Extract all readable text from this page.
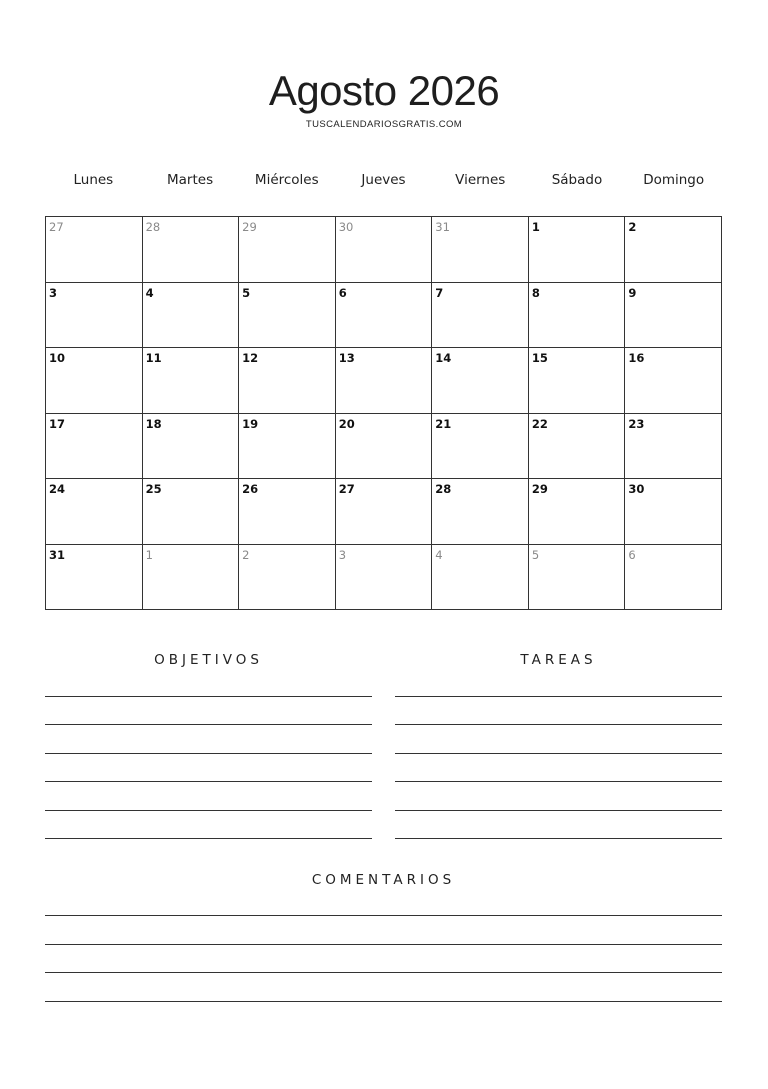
Agosto 2026
TUSCALENDARIOSGRATIS.COM
Lunes	Martes	Miércoles	Jueves	Viernes	Sábado	Domingo
27	28	29	30	31	1	2
3	4	5	6	7	8	9
10	11	12	13	14	15	16
17	18	19	20	21	22	23
24	25	26	27	28	29	30
31	1	2	3	4	5	6
OBJETIVOS	TAREAS
COMENTARIOS
